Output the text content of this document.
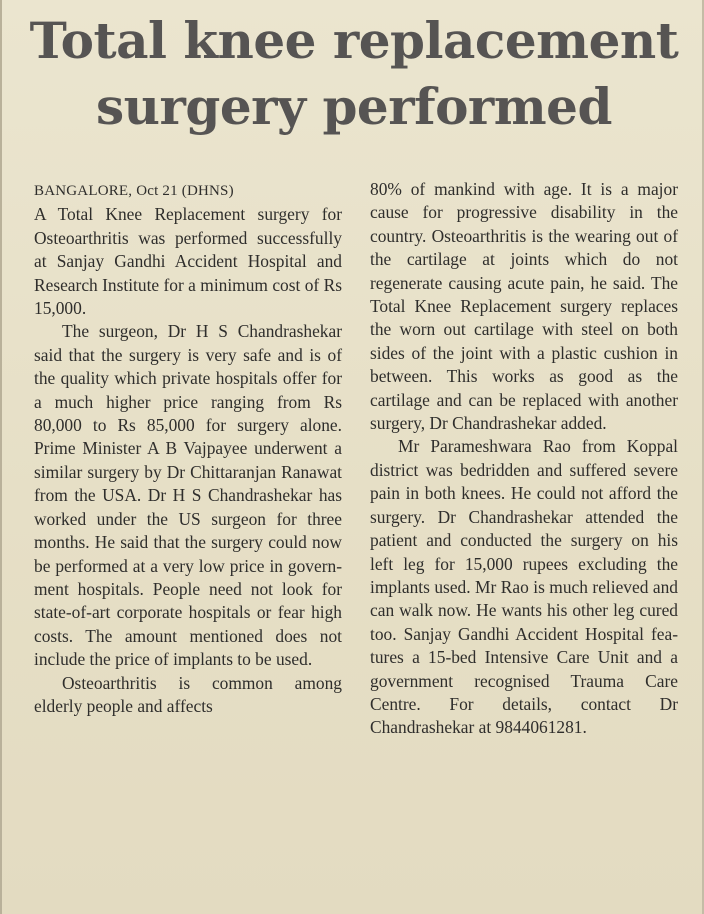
Total knee replacement
surgery performed

BANGALORE, Oct 21 (DHNS)
A Total Knee Replacement surgery for Osteoarthritis was performed successfully at Sanjay Gandhi Accident Hospital and Research Institute for a minimum cost of Rs 15,000.

The surgeon, Dr H S Chandrashekar said that the surgery is very safe and is of the quality which private hospitals offer for a much higher price ranging from Rs 80,000 to Rs 85,000 for surgery alone. Prime Minister A B Vajpayee underwent a similar surgery by Dr Chittaranjan Ranawat from the USA. Dr H S Chandrashekar has worked under the US surgeon for three months. He said that the surgery could now be performed at a very low price in government hospitals. People need not look for state-of-art corporate hospitals or fear high costs. The amount mentioned does not include the price of implants to be used.

Osteoarthritis is common among elderly people and affects

80% of mankind with age. It is a major cause for progressive disability in the country. Osteoarthritis is the wearing out of the cartilage at joints which do not regenerate causing acute pain, he said. The Total Knee Replacement surgery replaces the worn out cartilage with steel on both sides of the joint with a plastic cushion in between. This works as good as the cartilage and can be replaced with another surgery, Dr Chandrashekar added.

Mr Parameshwara Rao from Koppal district was bedridden and suffered severe pain in both knees. He could not afford the surgery. Dr Chandrashekar attended the patient and conducted the surgery on his left leg for 15,000 rupees excluding the implants used. Mr Rao is much relieved and can walk now. He wants his other leg cured too. Sanjay Gandhi Accident Hospital features a 15-bed Intensive Care Unit and a government recognised Trauma Care Centre. For details, contact Dr Chandrashekar at 9844061281.
